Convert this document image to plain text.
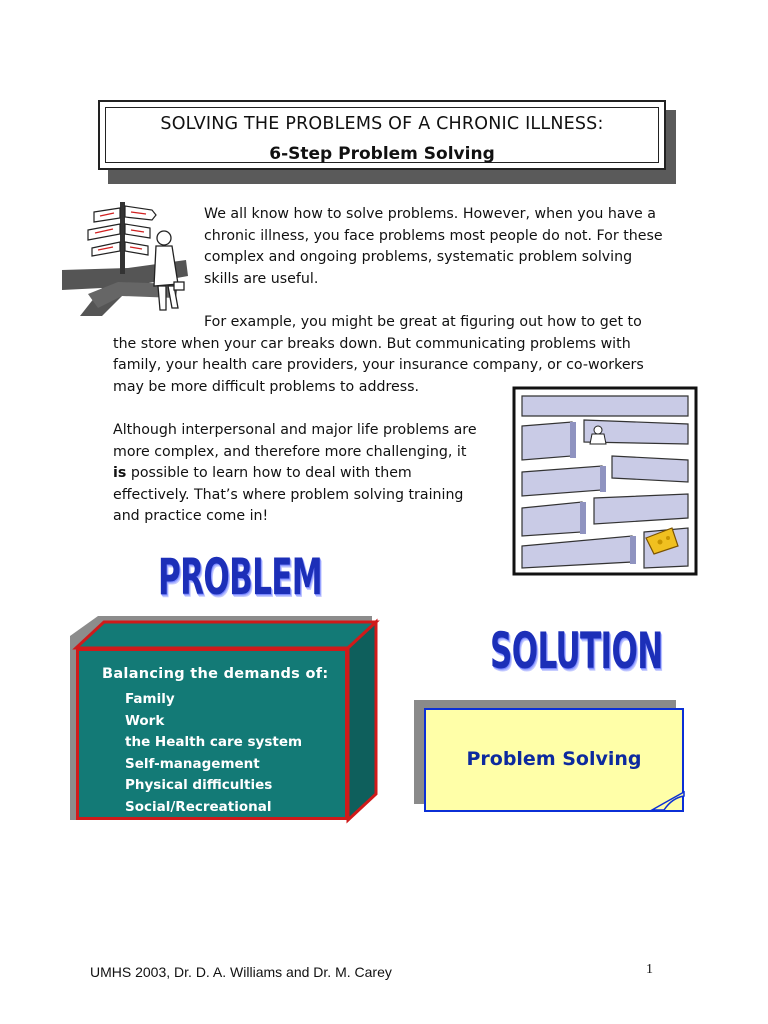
SOLVING THE PROBLEMS OF A CHRONIC ILLNESS:
6-Step Problem Solving
We all know how to solve problems. However, when you have a chronic illness, you face problems most people do not. For these complex and ongoing problems, systematic problem solving skills are useful.
For example, you might be great at figuring out how to get to the store when your car breaks down. But communicating problems with family, your health care providers, your insurance company, or co-workers may be more difficult problems to address.
Although interpersonal and major life problems are more complex, and therefore more challenging, it is possible to learn how to deal with them effectively. That’s where problem solving training and practice come in!
PROBLEM
Balancing the demands of:
Family
Work
the Health care system
Self-management
Physical difficulties
Social/Recreational activities
SOLUTION
Problem Solving
UMHS 2003, Dr. D. A. Williams and Dr. M. Carey	1
